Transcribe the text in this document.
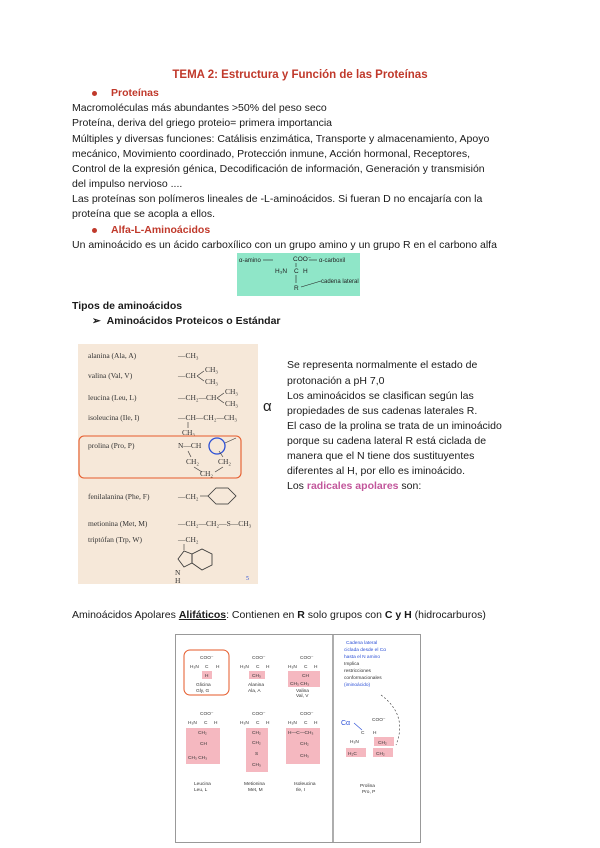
TEMA 2: Estructura y Función de las Proteínas
Proteínas
Macromoléculas más abundantes >50% del peso seco
Proteína, deriva del griego proteio= primera importancia
Múltiples y diversas funciones: Catálisis enzimática, Transporte y almacenamiento, Apoyo
mecánico, Movimiento coordinado, Protección inmune, Acción hormonal, Receptores,
Control de la expresión génica, Decodificación de información, Generación y transmisión
del impulso nervioso ....
Las proteínas son polímeros lineales de -L-aminoácidos. Si fueran D no encajaría con la
proteína que se acopla a ellos.
Alfa-L-Aminoácidos
Un aminoácido es un ácido carboxílico con un grupo amino y un grupo R en el carbono alfa
α-amino
H₃N
COO⁻
C H
R
α-carboxil
cadena lateral
Tipos de aminoácidos
➢  Aminoácidos Proteicos o Estándar
alanina (Ala, A)	—CH₃
valina (Val, V)	—CH
CH₃
CH₃
leucina (Leu, L)	—CH₂—CH
CH₃
CH₃
isoleucina (Ile, I)	—CH—CH₂—CH₃
CH₃
prolina (Pro, P)	N—CH
CH₂	CH₂
CH₂
fenilalanina (Phe, F)	—CH₂
metionina (Met, M)	—CH₂—CH₂—S—CH₃
triptófan (Trp, W)	—CH₂
N
H	5
α
Se representa normalmente el estado de
protonación a pH 7,0
Los aminoácidos se clasifican según las
propiedades de sus cadenas laterales R.
El caso de la prolina se trata de un iminoácido
porque su cadena lateral R está ciclada de
manera que el N tiene dos sustituyentes
diferentes al H, por ello es iminoácido.
Los radicales apolares son:
Aminoácidos Apolares Alifáticos: Contienen en R solo grupos con C y H (hidrocarburos)
COO⁻
H₃N C H
H
Glicina
Gly, G
COO⁻
H₃N C H
CH₃
Alanina
Ala, A
COO⁻
H₃N C H
CH
CH₃ CH₃
Valina
Val, V
COO⁻
H₃N C H
CH₂
CH
CH₃ CH₃
Leucina
Leu, L
COO⁻
H₃N C H
CH₂
CH₂
S
CH₃
Metionina
Met, M
COO⁻
H₃N C H
H—C—CH₃
CH₂
CH₃
Isoleucina
Ile, I
Cadena lateral
ciclada desde el Cα
hasta el N amino
Implica
restricciones
conformacionales
(iminoácido)
Cα	COO⁻
C H
H₃N	CH₂
H₂C	CH₂
Prolina
Pro, P
